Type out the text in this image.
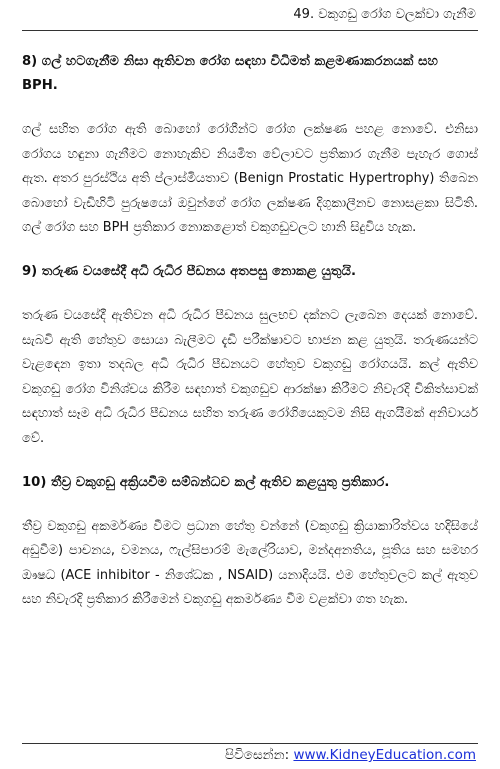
49. වකුගඩු රෝග වලක්වා ගැනීම

8) ගල් හටගැනීම නිසා ඇතිවන රෝග සඳහා විධිමත් කළමණාකරනයක් සහ BPH.

ගල් සහිත රෝග ඇති බොහෝ රෝගීන්ට රෝග ලක්ෂණ පහළ නොවේ. එනිසා රෝගය හඳුනා ගැනීමට නොහැකිව නියමිත වේලාවට ප්‍රතිකාර ගැනීම පැහැර ගොස් ඇත. අතර පුරස්ථිය අති ප්ලාස්මියතාව (Benign Prostatic Hypertrophy) තිබෙන බොහෝ වැඩිහිටි පුරුෂයෝ ඔවුන්ගේ රෝග ලක්ෂණ දිගුකාලීනව නොසළකා සිටිති. ගල් රෝග සහ BPH ප්‍රතිකාර නොකළොත් වකුගඩුවලට හානි සිදුවිය හැක.

9) තරුණ වයසේදී අධි රුධිර පීඩනය අතපසු නොකළ යුතුයි.

තරුණ වයසේදී ඇතිවන අධි රුධිර පීඩනය සුලභව දක්නට ලැබෙන දෙයක් නොවේ. සැබවි ඇති හේතුව සොයා බැලීමට දැඩි පරීක්ෂාවට භාජන කළ යුතුයි. තරුණයන්ට වැළඳෙන ඉතා තදබල අධි රුධිර පීඩනයට හේතුව වකුගඩු රෝගයයි. කල් ඇතිව වකුගඩු රෝග විනිශ්චය කිරීම සඳහාත් වකුගඩුව ආරක්ෂා කිරීමට නිවැරදි චිකිත්සාවක් සඳහාත් සෑම අධි රුධිර පීඩනය සහිත තරුණ රෝගියෙකුටම නිසි ඇගයීමක් අනිවාර්ය වේ.

10) තීව්‍ර වකුගඩු අක්‍රියවීම සම්බන්ධව කල් ඇතිව කළයුතු ප්‍රතිකාර.

තීව්‍ර වකුගඩු අකර්මණ්‍ය වීමට ප්‍රධාන හේතු වන්නේ (වකුගඩු ක්‍රියාකාරිත්වය හදිසියේ අඩුවීම) පාචනය, වමනය, ෆැල්සිපාරම් මැලේරියාව, මන්දඅනතිය, පූතිය සහ සමහර ඖෂධ (ACE inhibitor - නිශේධක , NSAID) යනාදියයි. එම හේතුවලට කල් ඇතුව සහ නිවැරදි ප්‍රතිකාර කිරීමෙන් වකුගඩු අකර්මණ්‍ය වීම වළක්වා ගත හැක.

පිවිසෙන්න: www.KidneyEducation.com
